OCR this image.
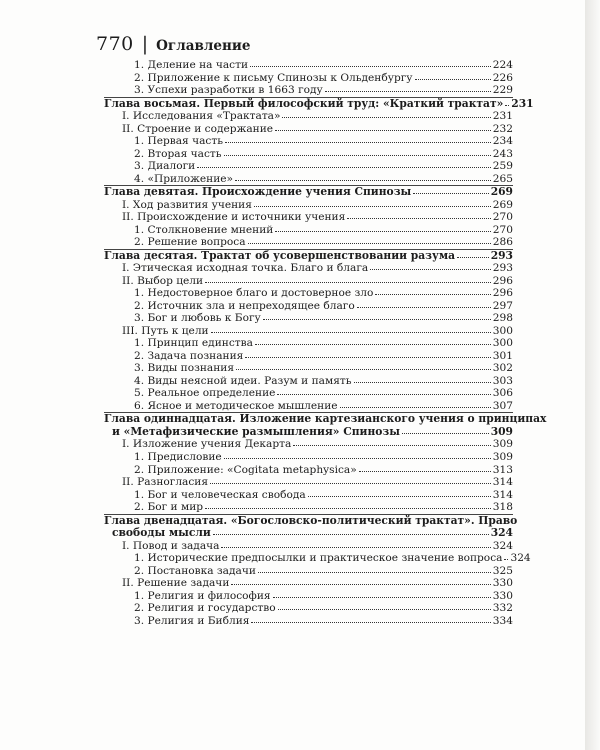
770 | Оглавление
1. Деление на части	224
2. Приложение к письму Спинозы к Ольденбургу	226
3. Успехи разработки в 1663 году	229
Глава восьмая. Первый философский труд: «Краткий трактат» 231
I. Исследования «Трактата»	231
II. Строение и содержание	232
1. Первая часть	234
2. Вторая часть	243
3. Диалоги	259
4. «Приложение»	265
Глава девятая. Происхождение учения Спинозы	269
I. Ход развития учения	269
II. Происхождение и источники учения	270
1. Столкновение мнений	270
2. Решение вопроса	286
Глава десятая. Трактат об усовершенствовании разума	293
I. Этическая исходная точка. Благо и блага	293
II. Выбор цели	296
1. Недостоверное благо и достоверное зло	296
2. Источник зла и непреходящее благо	297
3. Бог и любовь к Богу	298
III. Путь к цели	300
1. Принцип единства	300
2. Задача познания	301
3. Виды познания	302
4. Виды неясной идеи. Разум и память	303
5. Реальное определение	306
6. Ясное и методическое мышление	307
Глава одиннадцатая. Изложение картезианского учения о принципах
и «Метафизические размышления» Спинозы	309
I. Изложение учения Декарта	309
1. Предисловие	309
2. Приложение: «Cogitata metaphysica»	313
II. Разногласия	314
1. Бог и человеческая свобода	314
2. Бог и мир	318
Глава двенадцатая. «Богословско-политический трактат». Право
свободы мысли	324
I. Повод и задача	324
1. Исторические предпосылки и практическое значение вопроса 324
2. Постановка задачи	325
II. Решение задачи	330
1. Религия и философия	330
2. Религия и государство	332
3. Религия и Библия	334
